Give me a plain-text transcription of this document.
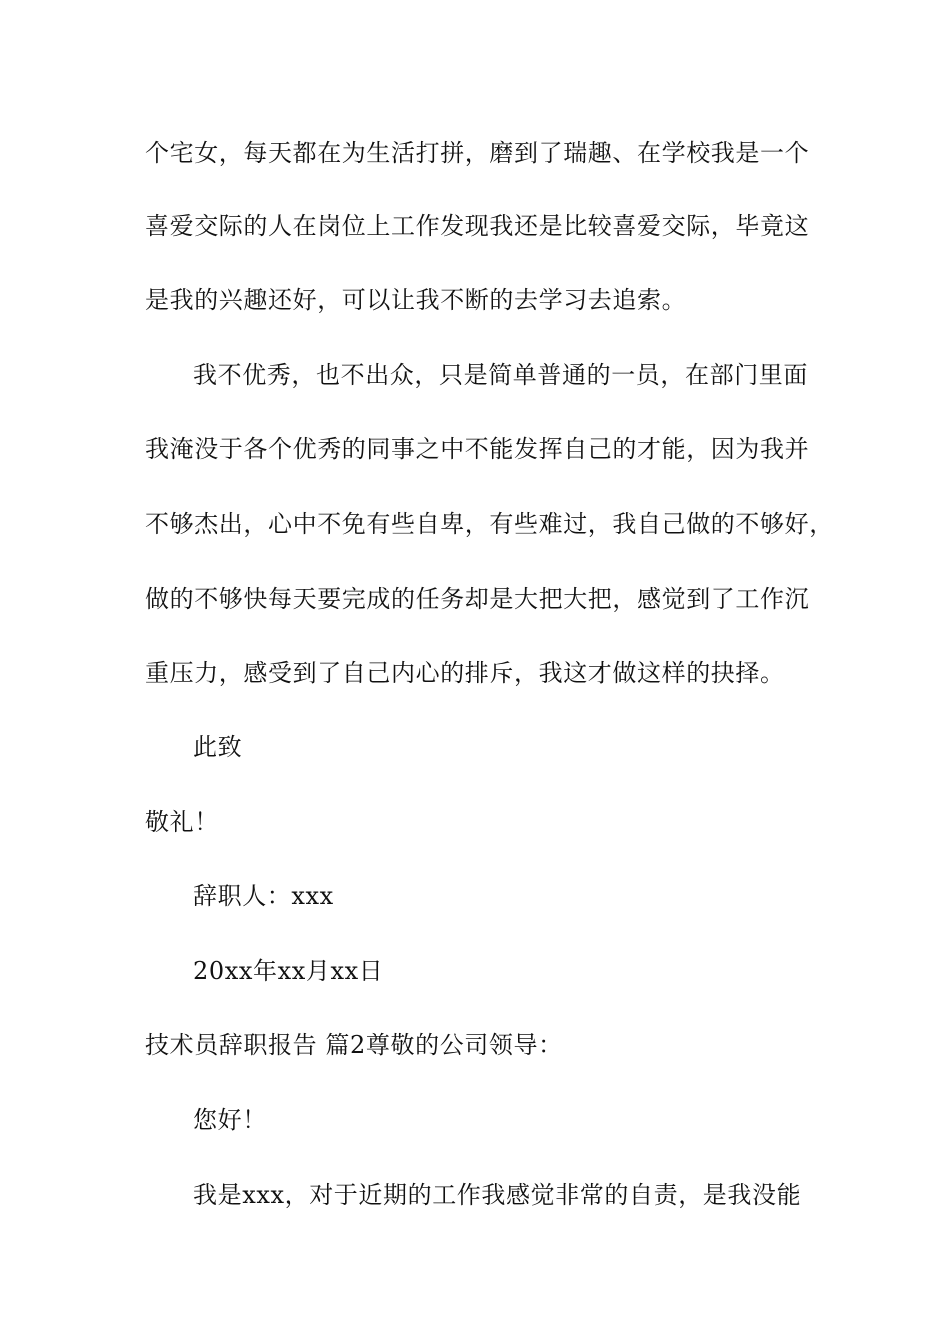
个宅女，每天都在为生活打拼，磨到了瑞趣、在学校我是一个
喜爱交际的人在岗位上工作发现我还是比较喜爱交际，毕竟这
是我的兴趣还好，可以让我不断的去学习去追索。
我不优秀，也不出众，只是简单普通的一员，在部门里面
我淹没于各个优秀的同事之中不能发挥自己的才能，因为我并
不够杰出，心中不免有些自卑，有些难过，我自己做的不够好，
做的不够快每天要完成的任务却是大把大把，感觉到了工作沉
重压力，感受到了自己内心的排斥，我这才做这样的抉择。
此致
敬礼！
辞职人：xxx
20xx年xx月xx日
技术员辞职报告 篇2尊敬的公司领导：
您好！
我是xxx，对于近期的工作我感觉非常的自责，是我没能
